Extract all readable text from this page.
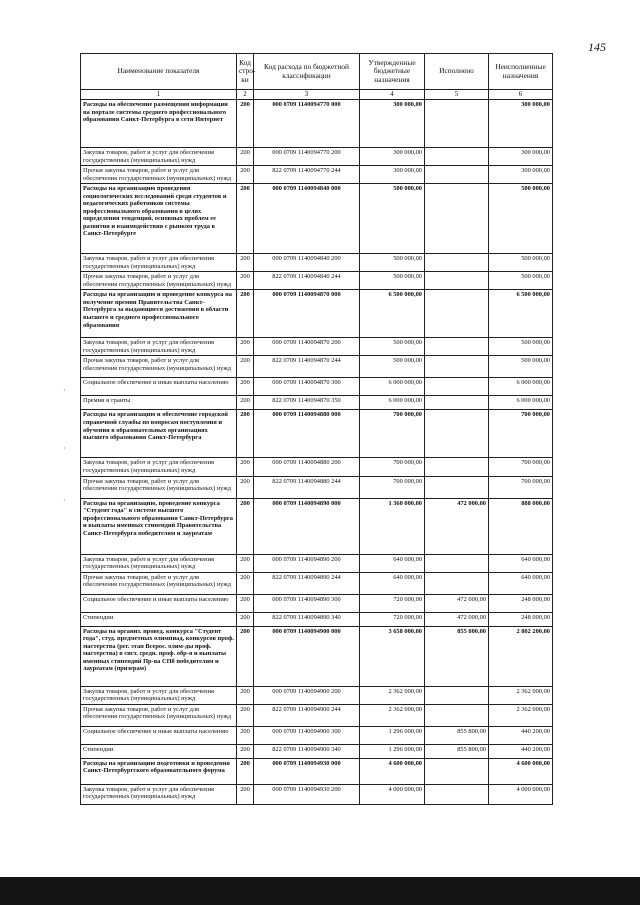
145
·
·
·
Наименование показателя	Код стро-ки	Код расхода по бюджетной классификации	Утвержденные бюджетные назначения	Исполнено	Неисполненные назначения
1	2	3	4	5	6
Расходы на обеспечение размещения информации на портале системы среднего профессионального образования Санкт-Петербурга в сети Интернет	200	000 0709 1140094770 000	300 000,00		300 000,00
Закупка товаров, работ и услуг для обеспечения государственных (муниципальных) нужд	200	000 0709 1140094770 200	300 000,00		300 000,00
Прочая закупка товаров, работ и услуг для обеспечения государственных (муниципальных) нужд	200	822 0709 1140094770 244	300 000,00		300 000,00
Расходы на организацию проведения социологических исследований среди студентов и педагогических работников системы профессионального образования в целях определения тенденций, основных проблем ее развития и взаимодействия с рынком труда в Санкт-Петербурге	200	000 0709 1140094840 000	500 000,00		500 000,00
Закупка товаров, работ и услуг для обеспечения государственных (муниципальных) нужд	200	000 0709 1140094840 200	500 000,00		500 000,00
Прочая закупка товаров, работ и услуг для обеспечения государственных (муниципальных) нужд	200	822 0709 1140094840 244	500 000,00		500 000,00
Расходы на организацию и проведение конкурса на получение премии Правительства Санкт-Петербурга за выдающиеся достижения в области высшего и среднего профессионального образования	200	000 0709 1140094870 000	6 500 000,00		6 500 000,00
Закупка товаров, работ и услуг для обеспечения государственных (муниципальных) нужд	200	000 0709 1140094870 200	500 000,00		500 000,00
Прочая закупка товаров, работ и услуг для обеспечения государственных (муниципальных) нужд	200	822 0709 1140094870 244	500 000,00		500 000,00
Социальное обеспечение и иные выплаты населению	200	000 0709 1140094870 300	6 000 000,00		6 000 000,00
Премии и гранты	200	822 0709 1140094870 350	6 000 000,00		6 000 000,00
Расходы на организацию и обеспечение городской справочной службы по вопросам поступления и обучения в образовательных организациях высшего образования Санкт-Петербурга	200	000 0709 1140094880 000	700 000,00		700 000,00
Закупка товаров, работ и услуг для обеспечения государственных (муниципальных) нужд	200	000 0709 1140094880 200	700 000,00		700 000,00
Прочая закупка товаров, работ и услуг для обеспечения государственных (муниципальных) нужд	200	822 0709 1140094880 244	700 000,00		700 000,00
Расходы на организацию, проведение конкурса "Студент года" в системе высшего профессионального образования Санкт-Петербурга и выплаты именных стипендий Правительства Санкт-Петербурга победителям и лауреатам	200	000 0709 1140094890 000	1 360 000,00	472 000,00	888 000,00
Закупка товаров, работ и услуг для обеспечения государственных (муниципальных) нужд	200	000 0709 1140094890 200	640 000,00		640 000,00
Прочая закупка товаров, работ и услуг для обеспечения государственных (муниципальных) нужд	200	822 0709 1140094890 244	640 000,00		640 000,00
Социальное обеспечение и иные выплаты населению	200	000 0709 1140094890 300	720 000,00	472 000,00	248 000,00
Стипендии	200	822 0709 1140094890 340	720 000,00	472 000,00	248 000,00
Расходы на организ. провед. конкурса "Студент года", студ. предметных олимпиад, конкурсов проф. мастерства (рег. этап Всерос. олим-ды проф. мастерства) в сист. средн. проф. обр-я и выплаты именных стипендий Пр-ва СПб победителям и лауреатам (призерам)	200	000 0709 1140094900 000	3 658 000,00	855 800,00	2 802 200,00
Закупка товаров, работ и услуг для обеспечения государственных (муниципальных) нужд	200	000 0709 1140094900 200	2 362 000,00		2 362 000,00
Прочая закупка товаров, работ и услуг для обеспечения государственных (муниципальных) нужд	200	822 0709 1140094900 244	2 362 000,00		2 362 000,00
Социальное обеспечение и иные выплаты населению	200	000 0709 1140094900 300	1 296 000,00	855 800,00	440 200,00
Стипендии	200	822 0709 1140094900 340	1 296 000,00	855 800,00	440 200,00
Расходы на организацию подготовки и проведения Санкт-Петербургского образовательного форума	200	000 0709 1140094930 000	4 600 000,00		4 600 000,00
Закупка товаров, работ и услуг для обеспечения государственных (муниципальных) нужд	200	000 0709 1140094930 200	4 000 000,00		4 000 000,00
